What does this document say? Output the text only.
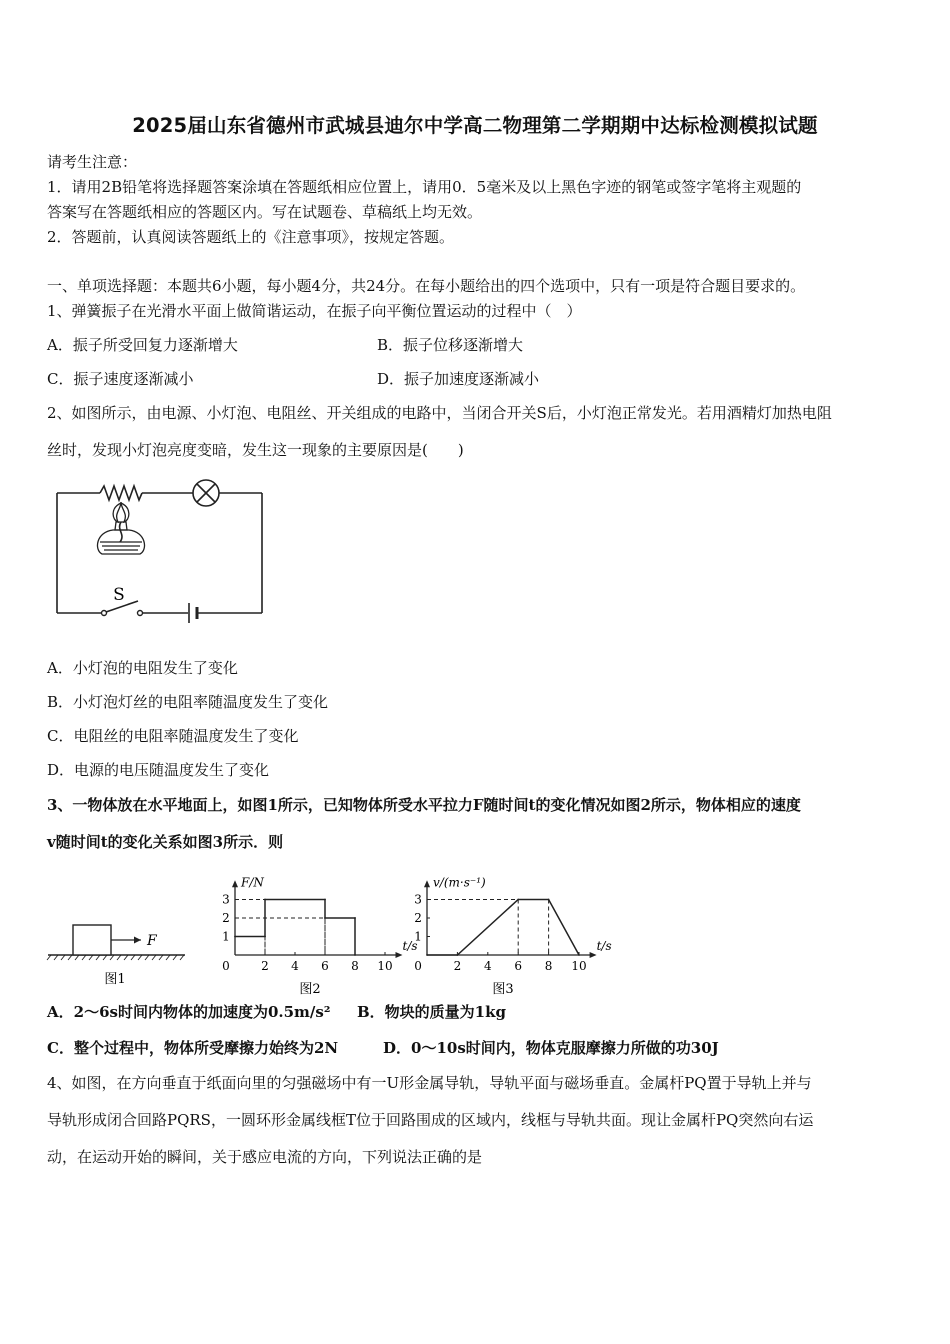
2025届山东省德州市武城县迪尔中学高二物理第二学期期中达标检测模拟试题
请考生注意：
1．请用2B铅笔将选择题答案涂填在答题纸相应位置上，请用0．5毫米及以上黑色字迹的钢笔或签字笔将主观题的
答案写在答题纸相应的答题区内。写在试题卷、草稿纸上均无效。
2．答题前，认真阅读答题纸上的《注意事项》，按规定答题。
一、单项选择题：本题共6小题，每小题4分，共24分。在每小题给出的四个选项中，只有一项是符合题目要求的。
1、弹簧振子在光滑水平面上做简谐运动，在振子向平衡位置运动的过程中（　）
A．振子所受回复力逐渐增大	B．振子位移逐渐增大
C．振子速度逐渐减小	D．振子加速度逐渐减小
2、如图所示，由电源、小灯泡、电阻丝、开关组成的电路中，当闭合开关S后，小灯泡正常发光。若用酒精灯加热电阻
丝时，发现小灯泡亮度变暗，发生这一现象的主要原因是(　　)
S
A．小灯泡的电阻发生了变化
B．小灯泡灯丝的电阻率随温度发生了变化
C．电阻丝的电阻率随温度发生了变化
D．电源的电压随温度发生了变化
3、一物体放在水平地面上，如图1所示，已知物体所受水平拉力F随时间t的变化情况如图2所示，物体相应的速度
v随时间t的变化关系如图3所示．则
F
图1
0	2 4 6 8 10
1
2
3
t/s
F/N
图2
0	2 4 6 8 10
1
2
3
t/s
v/(m·s⁻¹)
图3
A．2～6s时间内物体的加速度为0.5m/s² B．物块的质量为1kg
C．整个过程中，物体所受摩擦力始终为2N	D．0～10s时间内，物体克服摩擦力所做的功30J
4、如图，在方向垂直于纸面向里的匀强磁场中有一U形金属导轨，导轨平面与磁场垂直。金属杆PQ置于导轨上并与
导轨形成闭合回路PQRS，一圆环形金属线框T位于回路围成的区域内，线框与导轨共面。现让金属杆PQ突然向右运
动，在运动开始的瞬间，关于感应电流的方向，下列说法正确的是
